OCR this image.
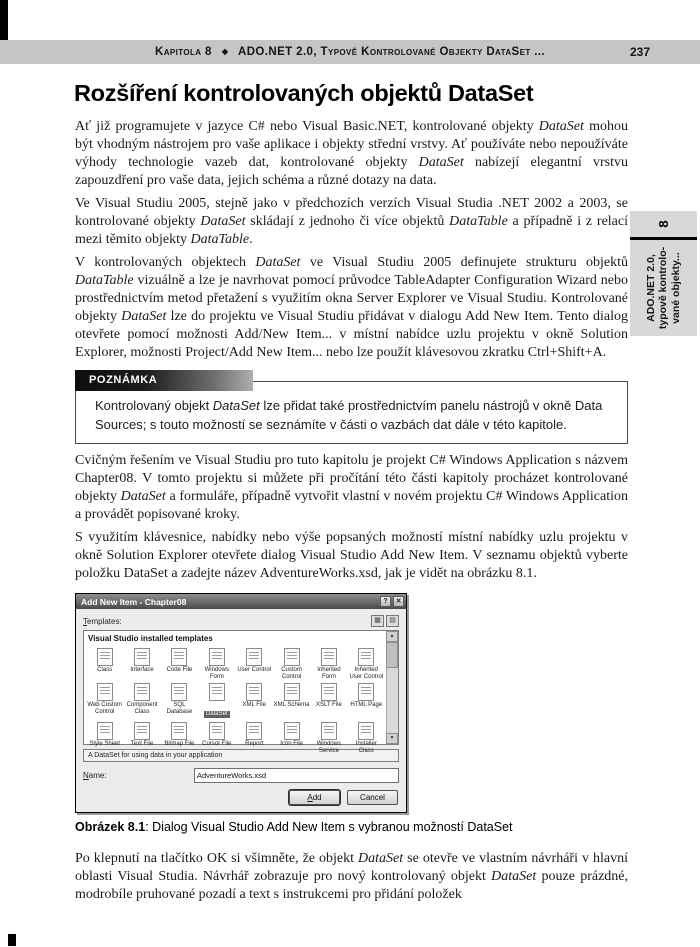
Kapitola 8 ◆ ADO.NET 2.0, Typově Kontrolované Objekty DataSet ...	237
ADO.NET 2.0, typově kontrolo- vané objekty...
8
Rozšíření kontrolovaných objektů DataSet

Ať již programujete v jazyce C# nebo Visual Basic.NET, kontrolované objekty DataSet mohou být vhodným nástrojem pro vaše aplikace i objekty střední vrstvy. Ať používáte nebo nepoužíváte výhody technologie vazeb dat, kontrolované objekty DataSet nabízejí elegantní vrstvu zapouzdření pro vaše data, jejich schéma a různé dotazy na data.

Ve Visual Studiu 2005, stejně jako v předchozích verzích Visual Studia .NET 2002 a 2003, se kontrolované objekty DataSet skládají z jednoho či více objektů DataTable a případně i z relací mezi těmito objekty DataTable.

V kontrolovaných objektech DataSet ve Visual Studiu 2005 definujete strukturu objektů DataTable vizuálně a lze je navrhovat pomocí průvodce TableAdapter Configuration Wizard nebo prostřednictvím metod přetažení s využitím okna Server Explorer ve Visual Studiu. Kontrolované objekty DataSet lze do projektu ve Visual Studiu přidávat v dialogu Add New Item. Tento dialog otevřete pomocí možnosti Add/New Item... v místní nabídce uzlu projektu v okně Solution Explorer, možnosti Project/Add New Item... nebo lze použít klávesovou zkratku Ctrl+Shift+A.

POZNÁMKA
Kontrolovaný objekt DataSet lze přidat také prostřednictvím panelu nástrojů v okně Data Sources; s touto možností se seznámíte v části o vazbách dat dále v této kapitole.

Cvičným řešením ve Visual Studiu pro tuto kapitolu je projekt C# Windows Application s názvem Chapter08. V tomto projektu si můžete při pročítání této části kapitoly procházet kontrolované objekty DataSet a formuláře, případně vytvořit vlastní v novém projektu C# Windows Application a provádět popisované kroky.

S využitím klávesnice, nabídky nebo výše popsaných možností místní nabídky uzlu projektu v okně Solution Explorer otevřete dialog Visual Studio Add New Item. V seznamu objektů vyberte položku DataSet a zadejte název AdventureWorks.xsd, jak je vidět na obrázku 8.1.

Add New Item - Chapter08	?	✕
Templates:	▦	▤
Visual Studio installed templates
Class	Interface	Code File	Windows Form
User Control	Custom Control
Inherited Form
Inherited User Control
Web Custom Control
Component Class
SQL Database	DataSet
XML File	XML Schema	XSLT File	HTML Page
Style Sheet	Text File	Bitmap File	Cursor File	Report	Icon File	Windows Service
Installer Class
▲
▼
A DataSet for using data in your application
Name:
AdventureWorks.xsd
Add	Cancel
Obrázek 8.1: Dialog Visual Studio Add New Item s vybranou možností DataSet

Po klepnutí na tlačítko OK si všimněte, že objekt DataSet se otevře ve vlastním návrháři v hlavní oblasti Visual Studia. Návrhář zobrazuje pro nový kontrolovaný objekt DataSet pouze prázdné, modrobíle pruhované pozadí a text s instrukcemi pro přidání položek
